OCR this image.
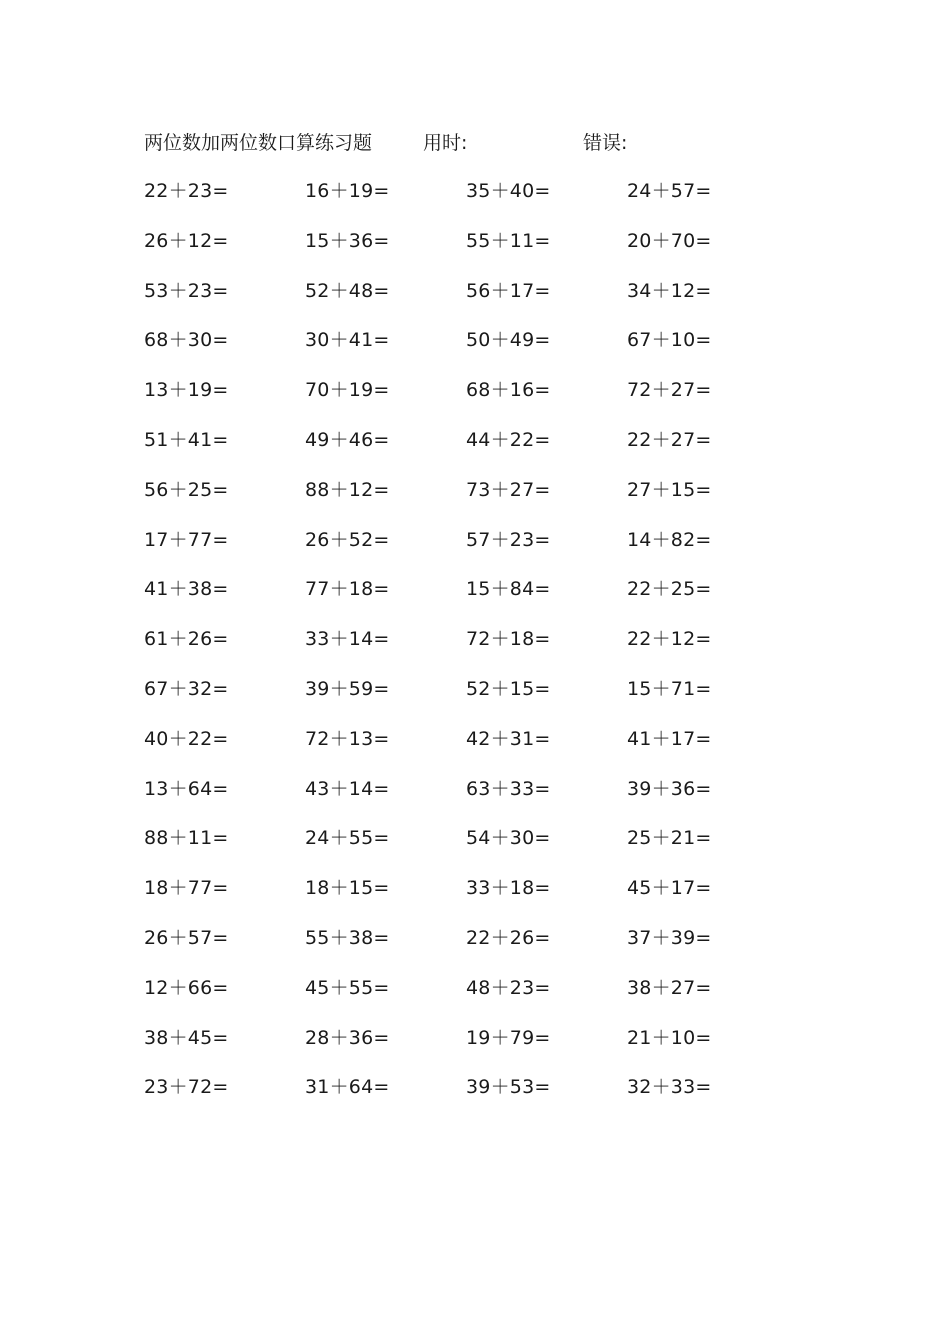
两位数加两位数口算练习题	用时:	错误:
22＋23=	16＋19=	35＋40=	24＋57=
26＋12=	15＋36=	55＋11=	20＋70=
53＋23=	52＋48=	56＋17=	34＋12=
68＋30=	30＋41=	50＋49=	67＋10=
13＋19=	70＋19=	68＋16=	72＋27=
51＋41=	49＋46=	44＋22=	22＋27=
56＋25=	88＋12=	73＋27=	27＋15=
17＋77=	26＋52=	57＋23=	14＋82=
41＋38=	77＋18=	15＋84=	22＋25=
61＋26=	33＋14=	72＋18=	22＋12=
67＋32=	39＋59=	52＋15=	15＋71=
40＋22=	72＋13=	42＋31=	41＋17=
13＋64=	43＋14=	63＋33=	39＋36=
88＋11=	24＋55=	54＋30=	25＋21=
18＋77=	18＋15=	33＋18=	45＋17=
26＋57=	55＋38=	22＋26=	37＋39=
12＋66=	45＋55=	48＋23=	38＋27=
38＋45=	28＋36=	19＋79=	21＋10=
23＋72=	31＋64=	39＋53=	32＋33=
